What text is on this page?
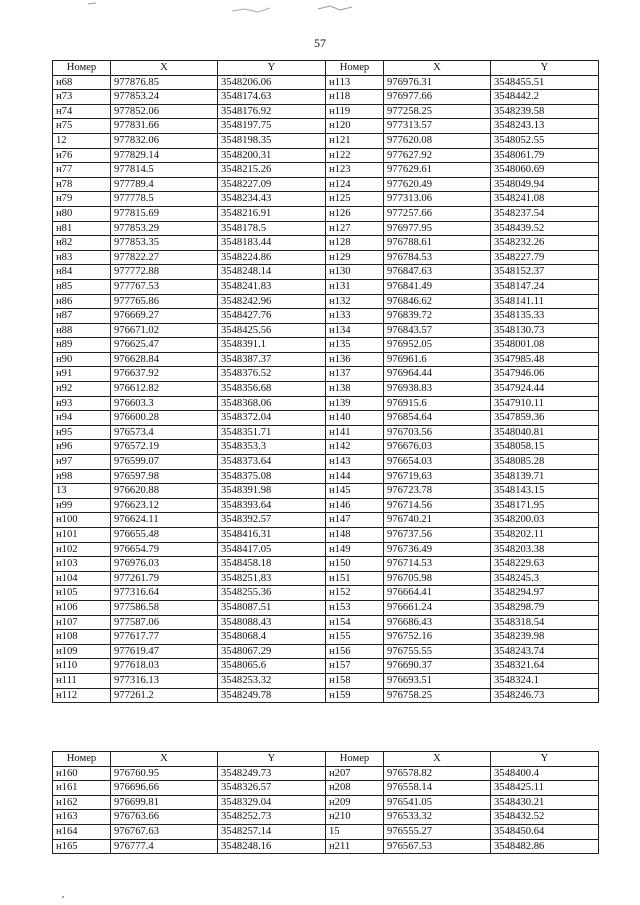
57
Номер	X	Y	Номер	X	Y
н68	977876.85	3548206.06	н113	976976.31	3548455.51
н73	977853.24	3548174.63	н118	976977.66	3548442.2
н74	977852.06	3548176.92	н119	977258.25	3548239.58
н75	977831.66	3548197.75	н120	977313.57	3548243.13
12	977832.06	3548198.35	н121	977620.08	3548052.55
н76	977829.14	3548200.31	н122	977627.92	3548061.79
н77	977814.5	3548215.26	н123	977629.61	3548060.69
н78	977789.4	3548227.09	н124	977620.49	3548049.94
н79	977778.5	3548234.43	н125	977313.06	3548241.08
н80	977815.69	3548216.91	н126	977257.66	3548237.54
н81	977853.29	3548178.5	н127	976977.95	3548439.52
н82	977853.35	3548183.44	н128	976788.61	3548232.26
н83	977822.27	3548224.86	н129	976784.53	3548227.79
н84	977772.88	3548248.14	н130	976847.63	3548152.37
н85	977767.53	3548241.83	н131	976841.49	3548147.24
н86	977765.86	3548242.96	н132	976846.62	3548141.11
н87	976669.27	3548427.76	н133	976839.72	3548135.33
н88	976671.02	3548425.56	н134	976843.57	3548130.73
н89	976625.47	3548391.1	н135	976952.05	3548001.08
н90	976628.84	3548387.37	н136	976961.6	3547985.48
н91	976637.92	3548376.52	н137	976964.44	3547946.06
н92	976612.82	3548356.68	н138	976938.83	3547924.44
н93	976603.3	3548368.06	н139	976915.6	3547910.11
н94	976600.28	3548372.04	н140	976854.64	3547859.36
н95	976573.4	3548351.71	н141	976703.56	3548040.81
н96	976572.19	3548353.3	н142	976676.03	3548058.15
н97	976599.07	3548373.64	н143	976654.03	3548085.28
н98	976597.98	3548375.08	н144	976719.63	3548139.71
13	976620.88	3548391.98	н145	976723.78	3548143.15
н99	976623.12	3548393.64	н146	976714.56	3548171.95
н100	976624.11	3548392.57	н147	976740.21	3548200.03
н101	976655.48	3548416.31	н148	976737.56	3548202.11
н102	976654.79	3548417.05	н149	976736.49	3548203.38
н103	976976.03	3548458.18	н150	976714.53	3548229.63
н104	977261.79	3548251.83	н151	976705.98	3548245.3
н105	977316.64	3548255.36	н152	976664.41	3548294.97
н106	977586.58	3548087.51	н153	976661.24	3548298.79
н107	977587.06	3548088.43	н154	976686.43	3548318.54
н108	977617.77	3548068.4	н155	976752.16	3548239.98
н109	977619.47	3548067.29	н156	976755.55	3548243.74
н110	977618.03	3548065.6	н157	976690.37	3548321.64
н111	977316.13	3548253.32	н158	976693.51	3548324.1
н112	977261.2	3548249.78	н159	976758.25	3548246.73
Номер	X	Y	Номер	X	Y
н160	976760.95	3548249.73	н207	976578.82	3548400.4
н161	976696.66	3548326.57	н208	976558.14	3548425.11
н162	976699.81	3548329.04	н209	976541.05	3548430.21
н163	976763.66	3548252.73	н210	976533.32	3548432.52
н164	976767.63	3548257.14	15	976555.27	3548450.64
н165	976777.4	3548248.16	н211	976567.53	3548482.86
